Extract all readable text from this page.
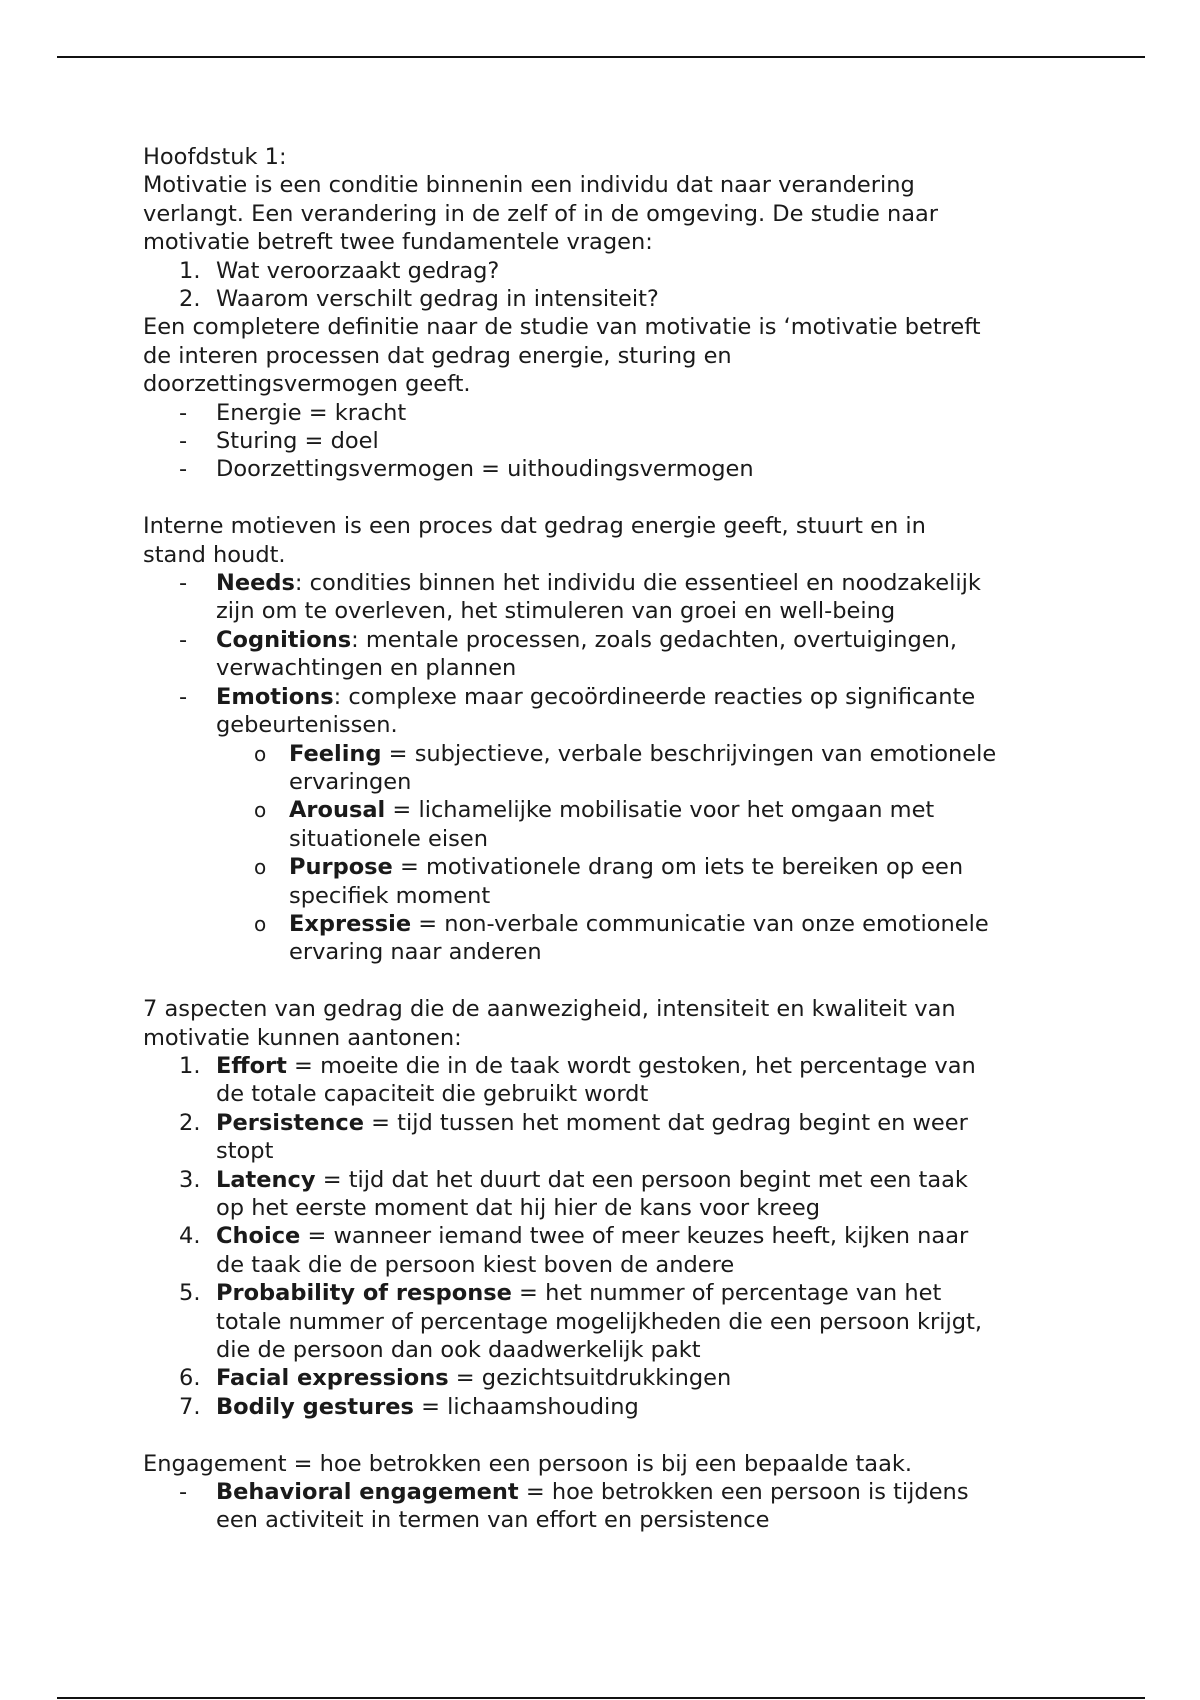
Hoofdstuk 1:
Motivatie is een conditie binnenin een individu dat naar verandering
verlangt. Een verandering in de zelf of in de omgeving. De studie naar
motivatie betreft twee fundamentele vragen:
1. Wat veroorzaakt gedrag?
2. Waarom verschilt gedrag in intensiteit?
Een completere definitie naar de studie van motivatie is ‘motivatie betreft
de interen processen dat gedrag energie, sturing en
doorzettingsvermogen geeft.
- Energie = kracht
- Sturing = doel
- Doorzettingsvermogen = uithoudingsvermogen
Interne motieven is een proces dat gedrag energie geeft, stuurt en in
stand houdt.
- Needs: condities binnen het individu die essentieel en noodzakelijk
zijn om te overleven, het stimuleren van groei en well-being
- Cognitions: mentale processen, zoals gedachten, overtuigingen,
verwachtingen en plannen
- Emotions: complexe maar gecoördineerde reacties op significante
gebeurtenissen.
o Feeling = subjectieve, verbale beschrijvingen van emotionele
ervaringen
o Arousal = lichamelijke mobilisatie voor het omgaan met
situationele eisen
o Purpose = motivationele drang om iets te bereiken op een
specifiek moment
o Expressie = non-verbale communicatie van onze emotionele
ervaring naar anderen
7 aspecten van gedrag die de aanwezigheid, intensiteit en kwaliteit van
motivatie kunnen aantonen:
1. Effort = moeite die in de taak wordt gestoken, het percentage van
de totale capaciteit die gebruikt wordt
2. Persistence = tijd tussen het moment dat gedrag begint en weer
stopt
3. Latency = tijd dat het duurt dat een persoon begint met een taak
op het eerste moment dat hij hier de kans voor kreeg
4. Choice = wanneer iemand twee of meer keuzes heeft, kijken naar
de taak die de persoon kiest boven de andere
5. Probability of response = het nummer of percentage van het
totale nummer of percentage mogelijkheden die een persoon krijgt,
die de persoon dan ook daadwerkelijk pakt
6. Facial expressions = gezichtsuitdrukkingen
7. Bodily gestures = lichaamshouding
Engagement = hoe betrokken een persoon is bij een bepaalde taak.
- Behavioral engagement = hoe betrokken een persoon is tijdens
een activiteit in termen van effort en persistence
